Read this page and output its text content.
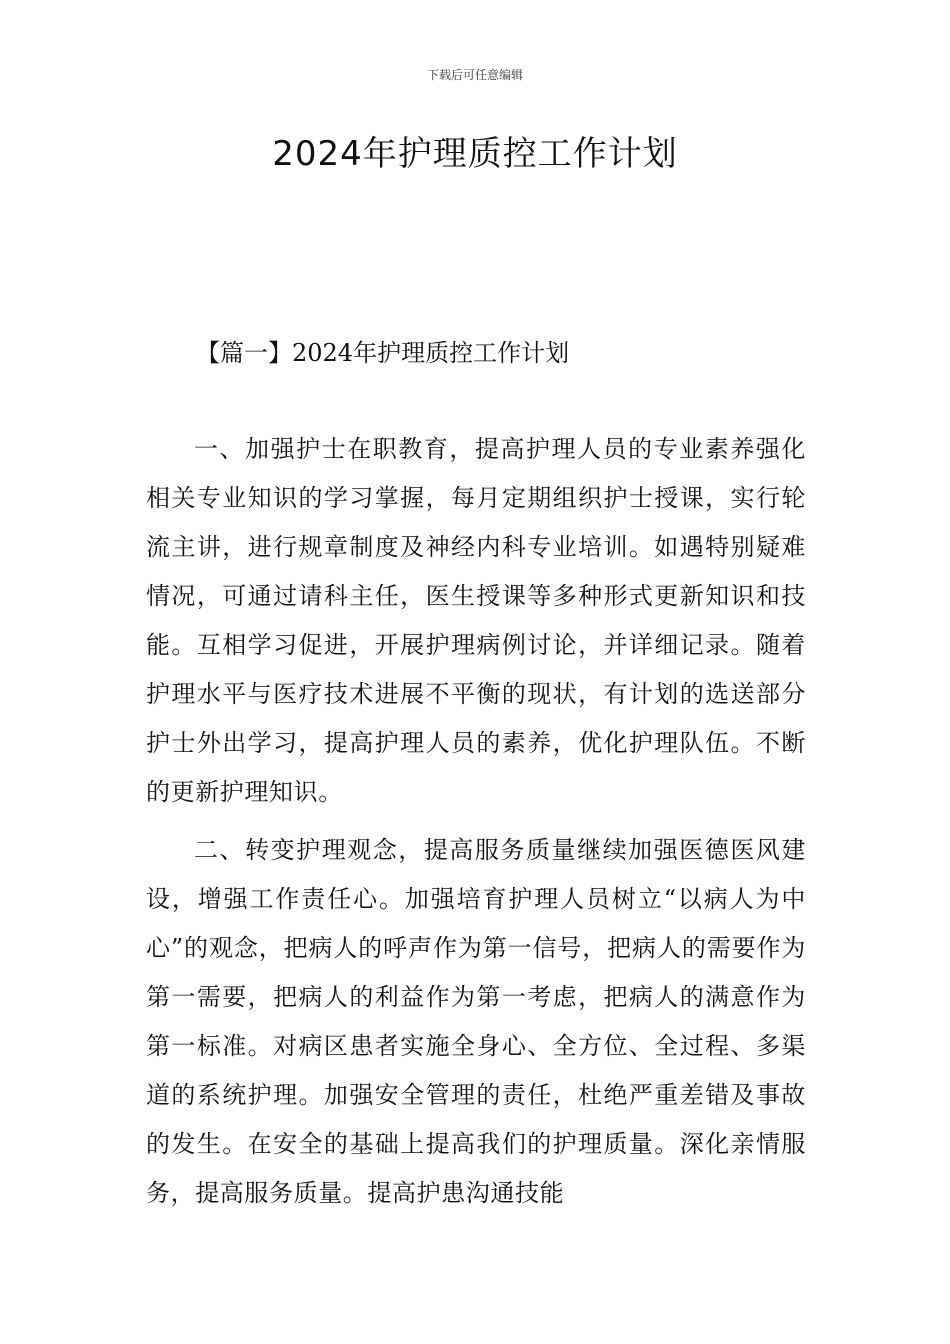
下载后可任意编辑
2024年护理质控工作计划

【篇一】2024年护理质控工作计划

一、加强护士在职教育，提高护理人员的专业素养强化相关专业知识的学习掌握，每月定期组织护士授课，实行轮流主讲，进行规章制度及神经内科专业培训。如遇特别疑难情况，可通过请科主任，医生授课等多种形式更新知识和技能。互相学习促进，开展护理病例讨论，并详细记录。随着护理水平与医疗技术进展不平衡的现状，有计划的选送部分护士外出学习，提高护理人员的素养，优化护理队伍。不断的更新护理知识。

二、转变护理观念，提高服务质量继续加强医德医风建设，增强工作责任心。加强培育护理人员树立“以病人为中心”的观念，把病人的呼声作为第一信号，把病人的需要作为第一需要，把病人的利益作为第一考虑，把病人的满意作为第一标准。对病区患者实施全身心、全方位、全过程、多渠道的系统护理。加强安全管理的责任，杜绝严重差错及事故的发生。在安全的基础上提高我们的护理质量。深化亲情服务，提高服务质量。提高护患沟通技能
